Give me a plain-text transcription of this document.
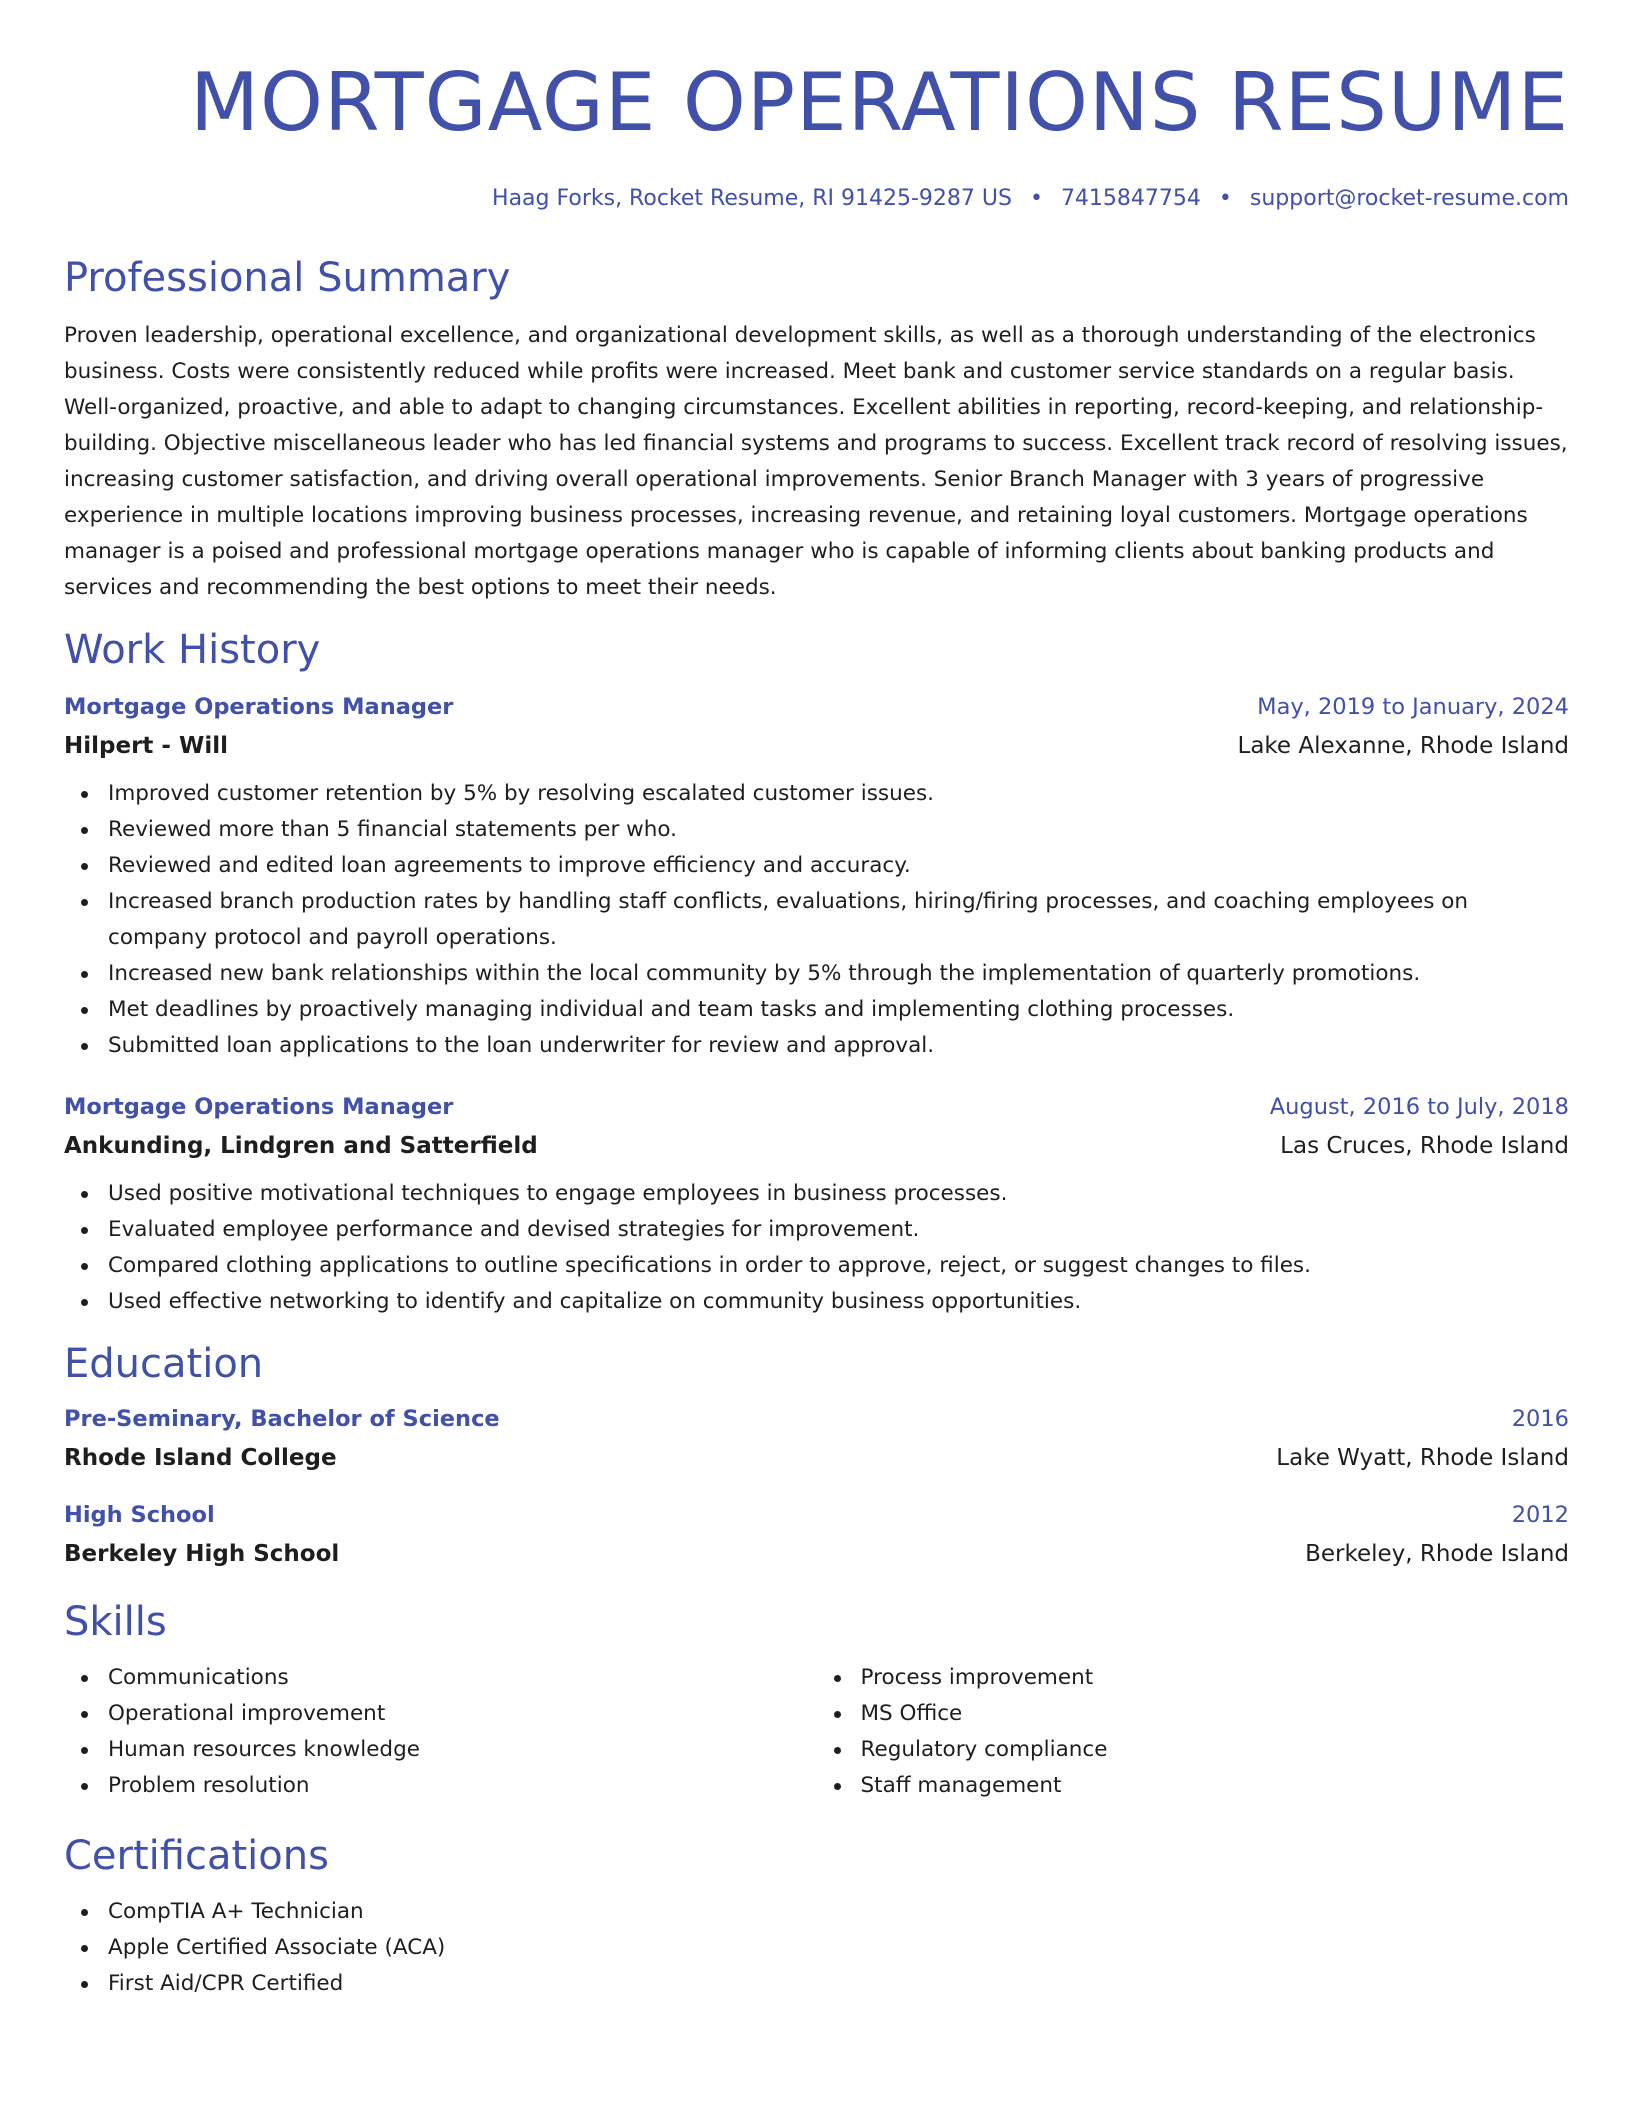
MORTGAGE OPERATIONS RESUME
Haag Forks, Rocket Resume, RI 91425-9287 US • 7415847754 • support@rocket-resume.com
Professional Summary

Proven leadership, operational excellence, and organizational development skills, as well as a thorough understanding of the electronics business. Costs were consistently reduced while profits were increased. Meet bank and customer service standards on a regular basis. Well-organized, proactive, and able to adapt to changing circumstances. Excellent abilities in reporting, record-keeping, and relationship-building. Objective miscellaneous leader who has led financial systems and programs to success. Excellent track record of resolving issues, increasing customer satisfaction, and driving overall operational improvements. Senior Branch Manager with 3 years of progressive experience in multiple locations improving business processes, increasing revenue, and retaining loyal customers. Mortgage operations manager is a poised and professional mortgage operations manager who is capable of informing clients about banking products and services and recommending the best options to meet their needs.

Work History
Mortgage Operations Manager	May, 2019 to January, 2024
Hilpert - Will	Lake Alexanne, Rhode Island
Improved customer retention by 5% by resolving escalated customer issues.
Reviewed more than 5 financial statements per who.
Reviewed and edited loan agreements to improve efficiency and accuracy.
Increased branch production rates by handling staff conflicts, evaluations, hiring/firing processes, and coaching employees on company protocol and payroll operations.
Increased new bank relationships within the local community by 5% through the implementation of quarterly promotions.
Met deadlines by proactively managing individual and team tasks and implementing clothing processes.
Submitted loan applications to the loan underwriter for review and approval.
Mortgage Operations Manager	August, 2016 to July, 2018
Ankunding, Lindgren and Satterfield	Las Cruces, Rhode Island
Used positive motivational techniques to engage employees in business processes.
Evaluated employee performance and devised strategies for improvement.
Compared clothing applications to outline specifications in order to approve, reject, or suggest changes to files.
Used effective networking to identify and capitalize on community business opportunities.
Education
Pre-Seminary, Bachelor of Science	2016
Rhode Island College	Lake Wyatt, Rhode Island
High School	2012
Berkeley High School	Berkeley, Rhode Island
Skills
Communications
Operational improvement
Human resources knowledge
Problem resolution
Process improvement
MS Office
Regulatory compliance
Staff management
Certifications
CompTIA A+ Technician
Apple Certified Associate (ACA)
First Aid/CPR Certified
